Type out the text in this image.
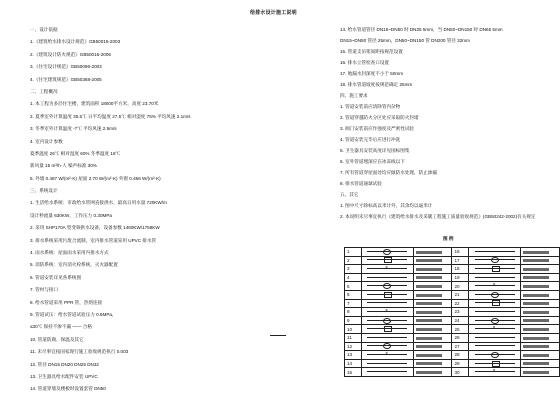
给排水设计施工说明
一、设计依据
1.《建筑给水排水设计规范》GB50015-2003
2.《建筑设计防火规范》GB50016-2006
3.《住宅设计规范》GB50096-2003
4.《住宅建筑规范》GB50368-2005
二、工程概况
1. 本工程为多层住宅楼，建筑面积 18000平方米，高度 23.70米
2. 夏季室外计算温度 35.5℃ 日平均温度 27.5℃ 相对湿度 75% 平均风速 2.1m/s
3. 冬季室外计算温度 -7℃ 平均风速 2.5m/s
4. 室内设计参数
夏季温度 26℃ 相对湿度 60% 冬季温度 18℃
新风量 15 m³/h·人 噪声标准 30%
5. 外墙 0.487 W/(m²·K) 屋面 2.70 W/(m²·K) 外窗 0.466 W/(m²·K)
三、系统设计
1. 生活给水系统：市政给水管网直接供水，最高日用水量 720KW/m
设计秒流量 630KW，工作压力 0.30MPa
2. 采用 SHP170A 型变频供水设备，设备参数 1460KW/1758KW
3. 排水系统采用污废合流制，室内排水管道采用 UPVC 排水管
4. 雨水系统：屋面雨水采用内排水方式
5. 消防系统：室内消火栓系统，灭火器配置
6. 管道安装详见各系统图
7. 管材与接口
8. 给水管道采用 PPR 管，热熔连接
9. 管道试压：给水管道试验压力 0.6MPa，
≤30℃ 保持不渗不漏 —— 合格
10. 管道防腐、保温及其它
11. 未尽事宜按国家现行施工验收规范执行 0.003
12. 管径 DN15 DN20 DN25 DN32
13. 卫生器具给水配件安装 UPVC
14. 管道穿墙及楼板时设置套管 DN50
14. 给水管道管径 DN15~DN50 时 DN25 5mm，当 DN50~DN150 时 DN65 5mm
DN15~DN50 管径 25mm，DN50~DN150 管 DN200 管径 32mm
15. 管道支吊架间距按规范设置
16. 排水立管检查口设置
17. 地漏水封深度不小于 50mm
18. 排水管道坡度按规范确定 25mm
四、施工要求
1. 管道安装前应清除管内杂物
2. 管道穿越防火分区处应采取防火封堵
3. 阀门安装前应作强度及严密性试验
4. 管道安装完毕后应进行冲洗
5. 卫生器具安装高度详见国标图集
6. 室外管道埋深应在冰冻线以下
7. 所有管道穿屋面处均应做防水处理，防止渗漏
8. 排水管道通球试验
五、其它
1. 图中尺寸除标高以米计外，其余均以毫米计
2. 本说明未尽事宜执行《建筑给水排水及采暖工程施工质量验收规范》(GB50242-2002)有关规定
图 例
1			16	

2			17	

3	×		18	

4			19	

5			20	×	

6			21	

7			22	

8	×		23	

9			24	

10			25	×	

11			26	

12			27	

13	×		28	

14			29	

15			30	×	
